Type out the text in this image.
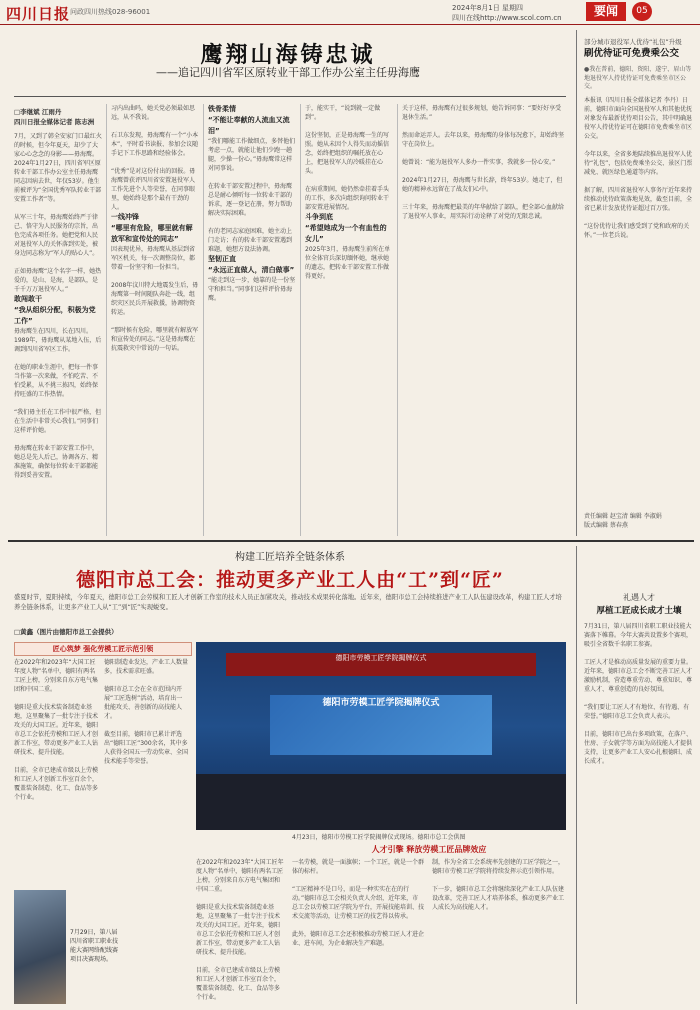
四川日报 问政四川热线028-96001	2024年8月1日 星期四
四川在线http://www.scol.com.cn	要闻	05
鹰翔山海铸忠诚
——追记四川省军区原转业干部工作办公室主任毋海鹰
□李继斌 江雨丹
四川日报全媒体记者 陈志洲
7月，又到了韩全安家门口最红火的时候，但今年夏天，却少了大家心心念念的身影——毋海鹰。
2024年1月27日，四川省军区原转业干部工作办公室主任毋海鹰同志因病去世，年仅53岁。他生前被评为“全国优秀军队转业干部安置工作者”等。

从军三十年，毋海鹰始终严于律己、恪守为人民服务的宗旨，出色完成各项任务。她把党和人民对退役军人的关怀落到实处，被身边同志称为“军人的贴心人”。

正如毋海鹰“这个名字一样，她热爱的，是山、是海，是部队，是千千万万退役军人。”
敢闯敢干
“我从组织分配，积极为党工作”
毋海鹰生在四川，长在四川。1989年，毋海鹰从某地入伍，后调到四川省军区工作。

在她的职业生涯中，把每一件事当作第一次来做，不怕吃苦、不怕受累，从不挑三拣四，始终保持旺盛的工作热情。

“我们毋主任在工作中很严格，但在生活中非常关心我们。”同事们这样评价她。

毋海鹰在转业干部安置工作中，她总是先人后己，协调各方、精准施策，确保每位转业干部都能得到妥善安置。
习内出曲吗，她关党必须最如思远，从不我说。

石卫东发现，毋海鹰有一个“小本本”，平时看书读报、参加会议随手记下工作思路和经验体会。

“优秀”是对这份付出的回报。毋海鹰曾获评四川省安置退役军人工作先进个人等荣誉，在同事眼里，她始终是那个最有干劲的人。
一线冲锋
“哪里有危险，哪里就有解放军和宣传处的同志”
因表现优异，毋海鹰从基层到省军区机关，每一次调整岗位，都带着一份坚守和一份担当。

2008年汶川特大地震发生后，毋海鹰第一时间随队奔赴一线，组织灾区民兵开展救援，协调物资转运。

“那时候有危险，哪里就有解放军和宣传处的同志。”这是毋海鹰在抗震救灾中常说的一句话。
铁骨柔情
“不能让奉献的人流血又流泪”
“我们哪能工作做细点，多替他们考虑一点，就能让他们少跑一趟腿，少操一份心。”毋海鹰常这样对同事说。

在转业干部安置过程中，毋海鹰总是耐心倾听每一位转业干部的诉求，逐一登记在册，努力帮助解决实际困难。

有的老同志家庭困难，她主动上门走访；有的转业干部安置遇到难题，她想方设法协调。
坚韧正直
“永远正直做人，清白做事”
“能走到这一步，她靠的是一份坚守和担当。”同事们这样评价毋海鹰。
于，能实干，“说到就一定做到”。

这份坚韧，正是毋海鹰一生的写照。她从未因个人得失而动摇信念，始终把组织的嘱托放在心上，把退役军人的冷暖挂在心头。

在病重期间，她仍然牵挂着手头的工作，多次向组织询问转业干部安置进展情况。
斗争到底
“希望她成为一个有血性的女儿”
2025年3月，毋海鹰生前所在单位全体官兵深切缅怀她，继承她的遗志，把转业干部安置工作做得更好。
关于这样，毋海鹰有过很多规划，她告诉同事：“要好好享受退休生活。”

然而命运弄人。去年以来，毋海鹰的身体每况愈下，却始终坚守在岗位上。

她曾说：“能为退役军人多办一件实事，我就多一份心安。”

2024年1月27日，毋海鹰与世长辞，终年53岁。她走了，但她的精神永远留在了战友们心中。

三十年来，毋海鹰把最美的年华献给了部队，把全部心血献给了退役军人事业，用实际行动诠释了对党的无限忠诚。
部分城市退役军人优待“礼包”升级
刷优待证可免费乘公交
●我在普前，德阳、资阳、遂宁、眉山等地退役军人持优待证可免费乘坐市区公交。
本报讯（四川日报全媒体记者 李丹）日前，德阳市面向全国退役军人和其他优抚对象发布最新优待项目公告，其中明确退役军人持优待证可在德阳市免费乘坐市区公交。

今年以来，全省多地陆续推出退役军人优待“礼包”，包括免费乘坐公交、景区门票减免、就医绿色通道等内容。

据了解，四川省退役军人事务厅近年来持续推动优待政策落地见效，截至目前，全省已累计发放优待证超过百万张。

“这份优待让我们感受到了党和政府的关怀。”一位老兵说。
责任编辑 赵宝清 编辑 李淑娟
版式编辑 蔡春燕
构建工匠培养全链条体系
德阳市总工会：推动更多产业工人由“工”到“匠”
盛夏时节，夏阳持续，今年夏天，德阳市总工会劳模和工匠人才创新工作室的技术人员正加紧攻关，推动技术成果转化落地。近年来，德阳市总工会持续推进产业工人队伍建设改革，构建工匠人才培养全链条体系，让更多产业工人从“工”到“匠”实现蜕变。
□黄鑫（图片由德阳市总工会提供）
匠心筑梦 强化劳模工匠示范引领
在2022年和2023年“大国工匠年度人物”名单中，德阳有两名工匠上榜，分别来自东方电气集团和中国二重。

德阳是重大技术装备制造业基地，这里聚集了一批专注于技术攻关的大国工匠。近年来，德阳市总工会依托劳模和工匠人才创新工作室，带动更多产业工人钻研技术、提升技能。

目前，全市已建成市级以上劳模和工匠人才创新工作室百余个，覆盖装备制造、化工、食品等多个行业。
德阳制造业发达，产业工人数量多，技术需求旺盛。

德阳市总工会在全市范围内开展“工匠选树”活动，培育出一批能攻关、善创新的高技能人才。

截至目前，德阳市已累计评选出“德阳工匠”300余名，其中多人获得全国五一劳动奖章、全国技术能手等荣誉。
德阳市劳模工匠学院揭牌仪式
德阳市劳模工匠学院揭牌仪式
4月23日，德阳市劳模工匠学院揭牌仪式现场。德阳市总工会供图
人才引擎 释放劳模工匠品牌效应
一名劳模，就是一面旗帜；一个工匠，就是一个群体的标杆。

“工匠精神不是口号，而是一种实实在在的行动。”德阳市总工会相关负责人介绍，近年来，市总工会以劳模工匠学院为平台，开展技能培训、技术交流等活动，让劳模工匠的技艺得以传承。

此外，德阳市总工会还积极推动劳模工匠人才进企业、进车间，为企业解决生产难题。
制，作为全省工会系统率先创建的工匠学院之一，德阳市劳模工匠学院将持续发挥示范引领作用。

下一步，德阳市总工会将继续深化产业工人队伍建设改革，完善工匠人才培养体系，推动更多产业工人成长为高技能人才。
在2022年和2023年“大国工匠年度人物”名单中，德阳有两名工匠上榜，分别来自东方电气集团和中国二重。

德阳是重大技术装备制造业基地，这里聚集了一批专注于技术攻关的大国工匠。近年来，德阳市总工会依托劳模和工匠人才创新工作室，带动更多产业工人钻研技术、提升技能。

目前，全市已建成市级以上劳模和工匠人才创新工作室百余个，覆盖装备制造、化工、食品等多个行业。
7月29日，第八届四川省职工职业技能大赛网络配线赛项目决赛现场。
礼遇人才
厚植工匠成长成才土壤
7月31日，第八届四川省职工职业技能大赛落下帷幕。今年大赛共设置多个赛项，吸引全省数千名职工参赛。

工匠人才是推动高质量发展的重要力量。近年来，德阳市总工会不断完善工匠人才激励机制，营造尊重劳动、尊重知识、尊重人才、尊重创造的良好氛围。

“我们要让工匠人才有地位、有待遇、有荣誉。”德阳市总工会负责人表示。

目前，德阳市已出台多项政策，在落户、住房、子女就学等方面为高技能人才提供支持，让更多产业工人安心扎根德阳、成长成才。
